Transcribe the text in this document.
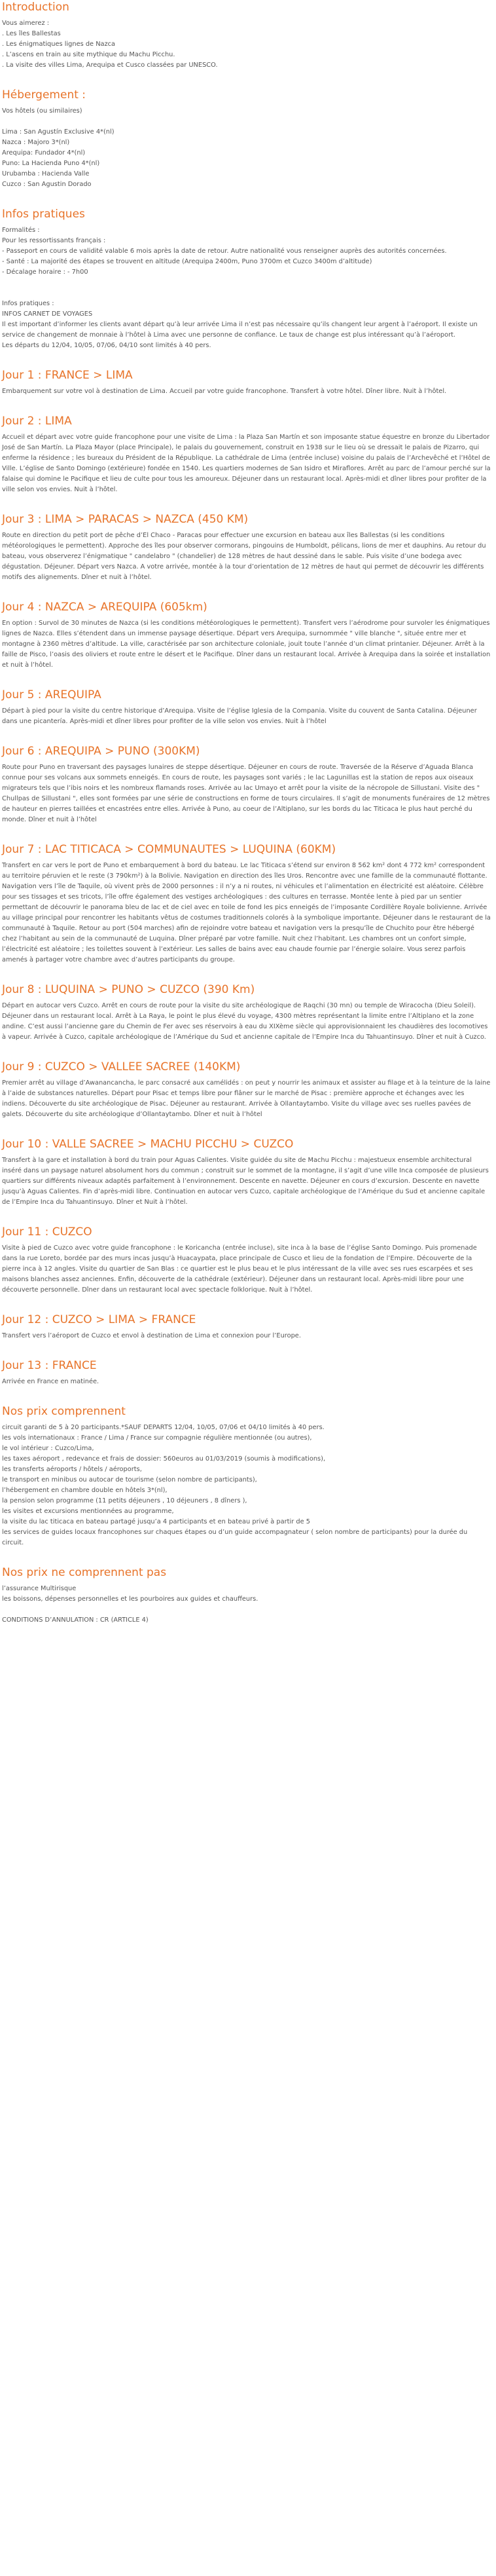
Introduction
Vous aimerez :
. Les îles Ballestas
. Les énigmatiques lignes de Nazca
. L’ascens en train au site mythique du Machu Picchu.
. La visite des villes Lima, Arequipa et Cusco classées par UNESCO.
Hébergement :
Vos hôtels (ou similaires)
Lima : San Agustín Exclusive 4*(nl)
Nazca : Majoro 3*(nl)
Arequipa: Fundador 4*(nl)
Puno: La Hacienda Puno 4*(nl)
Urubamba : Hacienda Valle
Cuzco : San Agustin Dorado
Infos pratiques
Formalités :
Pour les ressortissants français :
- Passeport en cours de validité valable 6 mois après la date de retour. Autre nationalité vous renseigner auprès des autorités concernées.
- Santé : La majorité des étapes se trouvent en altitude (Arequipa 2400m, Puno 3700m et Cuzco 3400m d’altitude)
- Décalage horaire : - 7h00
Infos pratiques :
INFOS CARNET DE VOYAGES
Il est important d’informer les clients avant départ qu’à leur arrivée Lima il n’est pas nécessaire qu’ils changent leur argent à l’aéroport. Il existe un service de changement de monnaie à l’hôtel à Lima avec une personne de confiance. Le taux de change est plus intéressant qu’à l’aéroport.
Les départs du 12/04, 10/05, 07/06, 04/10 sont limités à 40 pers.
Jour 1 : FRANCE > LIMA

Embarquement sur votre vol à destination de Lima. Accueil par votre guide francophone. Transfert à votre hôtel. Dîner libre. Nuit à l’hôtel.

Jour 2 : LIMA

Accueil et départ avec votre guide francophone pour une visite de Lima : la Plaza San Martín et son imposante statue équestre en bronze du Libertador José de San Martín. La Plaza Mayor (place Principale), le palais du gouvernement, construit en 1938 sur le lieu où se dressait le palais de Pizarro, qui enferme la résidence ; les bureaux du Président de la République. La cathédrale de Lima (entrée incluse) voisine du palais de l’Archevêché et l’Hôtel de Ville. L’église de Santo Domingo (extérieure) fondée en 1540. Les quartiers modernes de San Isidro et Miraflores. Arrêt au parc de l’amour perché sur la falaise qui domine le Pacifique et lieu de culte pour tous les amoureux. Déjeuner dans un restaurant local. Après-midi et dîner libres pour profiter de la ville selon vos envies. Nuit à l’hôtel.

Jour 3 : LIMA > PARACAS > NAZCA (450 KM)

Route en direction du petit port de pêche d’El Chaco - Paracas pour effectuer une excursion en bateau aux îles Ballestas (si les conditions météorologiques le permettent). Approche des îles pour observer cormorans, pingouins de Humboldt, pélicans, lions de mer et dauphins. Au retour du bateau, vous observerez l’énigmatique " candelabro " (chandelier) de 128 mètres de haut dessiné dans le sable. Puis visite d’une bodega avec dégustation. Déjeuner. Départ vers Nazca. A votre arrivée, montée à la tour d’orientation de 12 mètres de haut qui permet de découvrir les différents motifs des alignements. Dîner et nuit à l’hôtel.

Jour 4 : NAZCA > AREQUIPA (605km)

En option : Survol de 30 minutes de Nazca (si les conditions météorologiques le permettent). Transfert vers l’aérodrome pour survoler les énigmatiques lignes de Nazca. Elles s’étendent dans un immense paysage désertique. Départ vers Arequipa, surnommée " ville blanche ", située entre mer et montagne à 2360 mètres d’altitude. La ville, caractérisée par son architecture coloniale, jouit toute l’année d’un climat printanier. Déjeuner. Arrêt à la faille de Pisco, l’oasis des oliviers et route entre le désert et le Pacifique. Dîner dans un restaurant local. Arrivée à Arequipa dans la soirée et installation et nuit à l’hôtel.

Jour 5 : AREQUIPA

Départ à pied pour la visite du centre historique d’Arequipa. Visite de l’église Iglesia de la Compania. Visite du couvent de Santa Catalina. Déjeuner dans une picantería. Après-midi et dîner libres pour profiter de la ville selon vos envies. Nuit à l’hôtel

Jour 6 : AREQUIPA > PUNO (300KM)

Route pour Puno en traversant des paysages lunaires de steppe désertique. Déjeuner en cours de route. Traversée de la Réserve d’Aguada Blanca connue pour ses volcans aux sommets enneigés. En cours de route, les paysages sont variés ; le lac Lagunillas est la station de repos aux oiseaux migrateurs tels que l’ibis noirs et les nombreux flamands roses. Arrivée au lac Umayo et arrêt pour la visite de la nécropole de Sillustani. Visite des " Chullpas de Sillustani ", elles sont formées par une série de constructions en forme de tours circulaires. Il s’agit de monuments funéraires de 12 mètres de hauteur en pierres taillées et encastrées entre elles. Arrivée à Puno, au coeur de l’Altiplano, sur les bords du lac Titicaca le plus haut perché du monde. Dîner et nuit à l’hôtel

Jour 7 : LAC TITICACA > COMMUNAUTES > LUQUINA (60KM)

Transfert en car vers le port de Puno et embarquement à bord du bateau. Le lac Titicaca s’étend sur environ 8 562 km² dont 4 772 km² correspondent au territoire péruvien et le reste (3 790km²) à la Bolivie. Navigation en direction des îles Uros. Rencontre avec une famille de la communauté flottante. Navigation vers l’île de Taquile, où vivent près de 2000 personnes : il n’y a ni routes, ni véhicules et l’alimentation en électricité est aléatoire. Célèbre pour ses tissages et ses tricots, l’île offre également des vestiges archéologiques : des cultures en terrasse. Montée lente à pied par un sentier permettant de découvrir le panorama bleu de lac et de ciel avec en toile de fond les pics enneigés de l’imposante Cordillère Royale bolivienne. Arrivée au village principal pour rencontrer les habitants vêtus de costumes traditionnels colorés à la symbolique importante. Déjeuner dans le restaurant de la communauté à Taquile. Retour au port (504 marches) afin de rejoindre votre bateau et navigation vers la presqu’île de Chuchito pour être hébergé chez l’habitant au sein de la communauté de Luquina. Dîner préparé par votre famille. Nuit chez l’habitant. Les chambres ont un confort simple, l’électricité est aléatoire ; les toilettes souvent à l’extérieur. Les salles de bains avec eau chaude fournie par l’énergie solaire. Vous serez parfois amenés à partager votre chambre avec d’autres participants du groupe.

Jour 8 : LUQUINA > PUNO > CUZCO (390 Km)

Départ en autocar vers Cuzco. Arrêt en cours de route pour la visite du site archéologique de Raqchi (30 mn) ou temple de Wiracocha (Dieu Soleil). Déjeuner dans un restaurant local. Arrêt à La Raya, le point le plus élevé du voyage, 4300 mètres représentant la limite entre l’Altiplano et la zone andine. C’est aussi l’ancienne gare du Chemin de Fer avec ses réservoirs à eau du XIXème siècle qui approvisionnaient les chaudières des locomotives à vapeur. Arrivée à Cuzco, capitale archéologique de l’Amérique du Sud et ancienne capitale de l’Empire Inca du Tahuantinsuyo. Dîner et nuit à Cuzco.

Jour 9 : CUZCO > VALLEE SACREE (140KM)

Premier arrêt au village d’Awanancancha, le parc consacré aux camélidés : on peut y nourrir les animaux et assister au filage et à la teinture de la laine à l’aide de substances naturelles. Départ pour Pisac et temps libre pour flâner sur le marché de Pisac : première approche et échanges avec les indiens. Découverte du site archéologique de Pisac. Déjeuner au restaurant. Arrivée à Ollantaytambo. Visite du village avec ses ruelles pavées de galets. Découverte du site archéologique d’Ollantaytambo. Dîner et nuit à l’hôtel

Jour 10 : VALLE SACREE > MACHU PICCHU > CUZCO

Transfert à la gare et installation à bord du train pour Aguas Calientes. Visite guidée du site de Machu Picchu : majestueux ensemble architectural inséré dans un paysage naturel absolument hors du commun ; construit sur le sommet de la montagne, il s’agit d’une ville Inca composée de plusieurs quartiers sur différents niveaux adaptés parfaitement à l’environnement. Descente en navette. Déjeuner en cours d’excursion. Descente en navette jusqu’à Aguas Calientes. Fin d’après-midi libre. Continuation en autocar vers Cuzco, capitale archéologique de l’Amérique du Sud et ancienne capitale de l’Empire Inca du Tahuantinsuyo. Dîner et Nuit à l’hôtel.

Jour 11 : CUZCO

Visite à pied de Cuzco avec votre guide francophone : le Koricancha (entrée incluse), site inca à la base de l’église Santo Domingo. Puis promenade dans la rue Loreto, bordée par des murs incas jusqu’à Huacaypata, place principale de Cusco et lieu de la fondation de l’Empire. Découverte de la pierre inca à 12 angles. Visite du quartier de San Blas : ce quartier est le plus beau et le plus intéressant de la ville avec ses rues escarpées et ses maisons blanches assez anciennes. Enfin, découverte de la cathédrale (extérieur). Déjeuner dans un restaurant local. Après-midi libre pour une découverte personnelle. Dîner dans un restaurant local avec spectacle folklorique. Nuit à l’hôtel.

Jour 12 : CUZCO > LIMA > FRANCE

Transfert vers l’aéroport de Cuzco et envol à destination de Lima et connexion pour l’Europe.

Jour 13 : FRANCE

Arrivée en France en matinée.

Nos prix comprennent
circuit garanti de 5 à 20 participants.*SAUF DEPARTS 12/04, 10/05, 07/06 et 04/10 limités à 40 pers.
les vols internationaux : France / Lima / France sur compagnie régulière mentionnée (ou autres),
le vol intérieur : Cuzco/Lima,
les taxes aéroport , redevance et frais de dossier: 560euros au 01/03/2019 (soumis à modifications),
les transferts aéroports / hôtels / aéroports,
le transport en minibus ou autocar de tourisme (selon nombre de participants),
l’hébergement en chambre double en hôtels 3*(nl),
la pension selon programme (11 petits déjeuners , 10 déjeuners , 8 dîners ),
les visites et excursions mentionnées au programme,
la visite du lac titicaca en bateau partagé jusqu’a 4 participants et en bateau privé à partir de 5
les services de guides locaux francophones sur chaques étapes ou d’un guide accompagnateur ( selon nombre de participants) pour la durée du circuit.
Nos prix ne comprennent pas
l’assurance Multirisque
les boissons, dépenses personnelles et les pourboires aux guides et chauffeurs.
CONDITIONS D’ANNULATION : CR (ARTICLE 4)
